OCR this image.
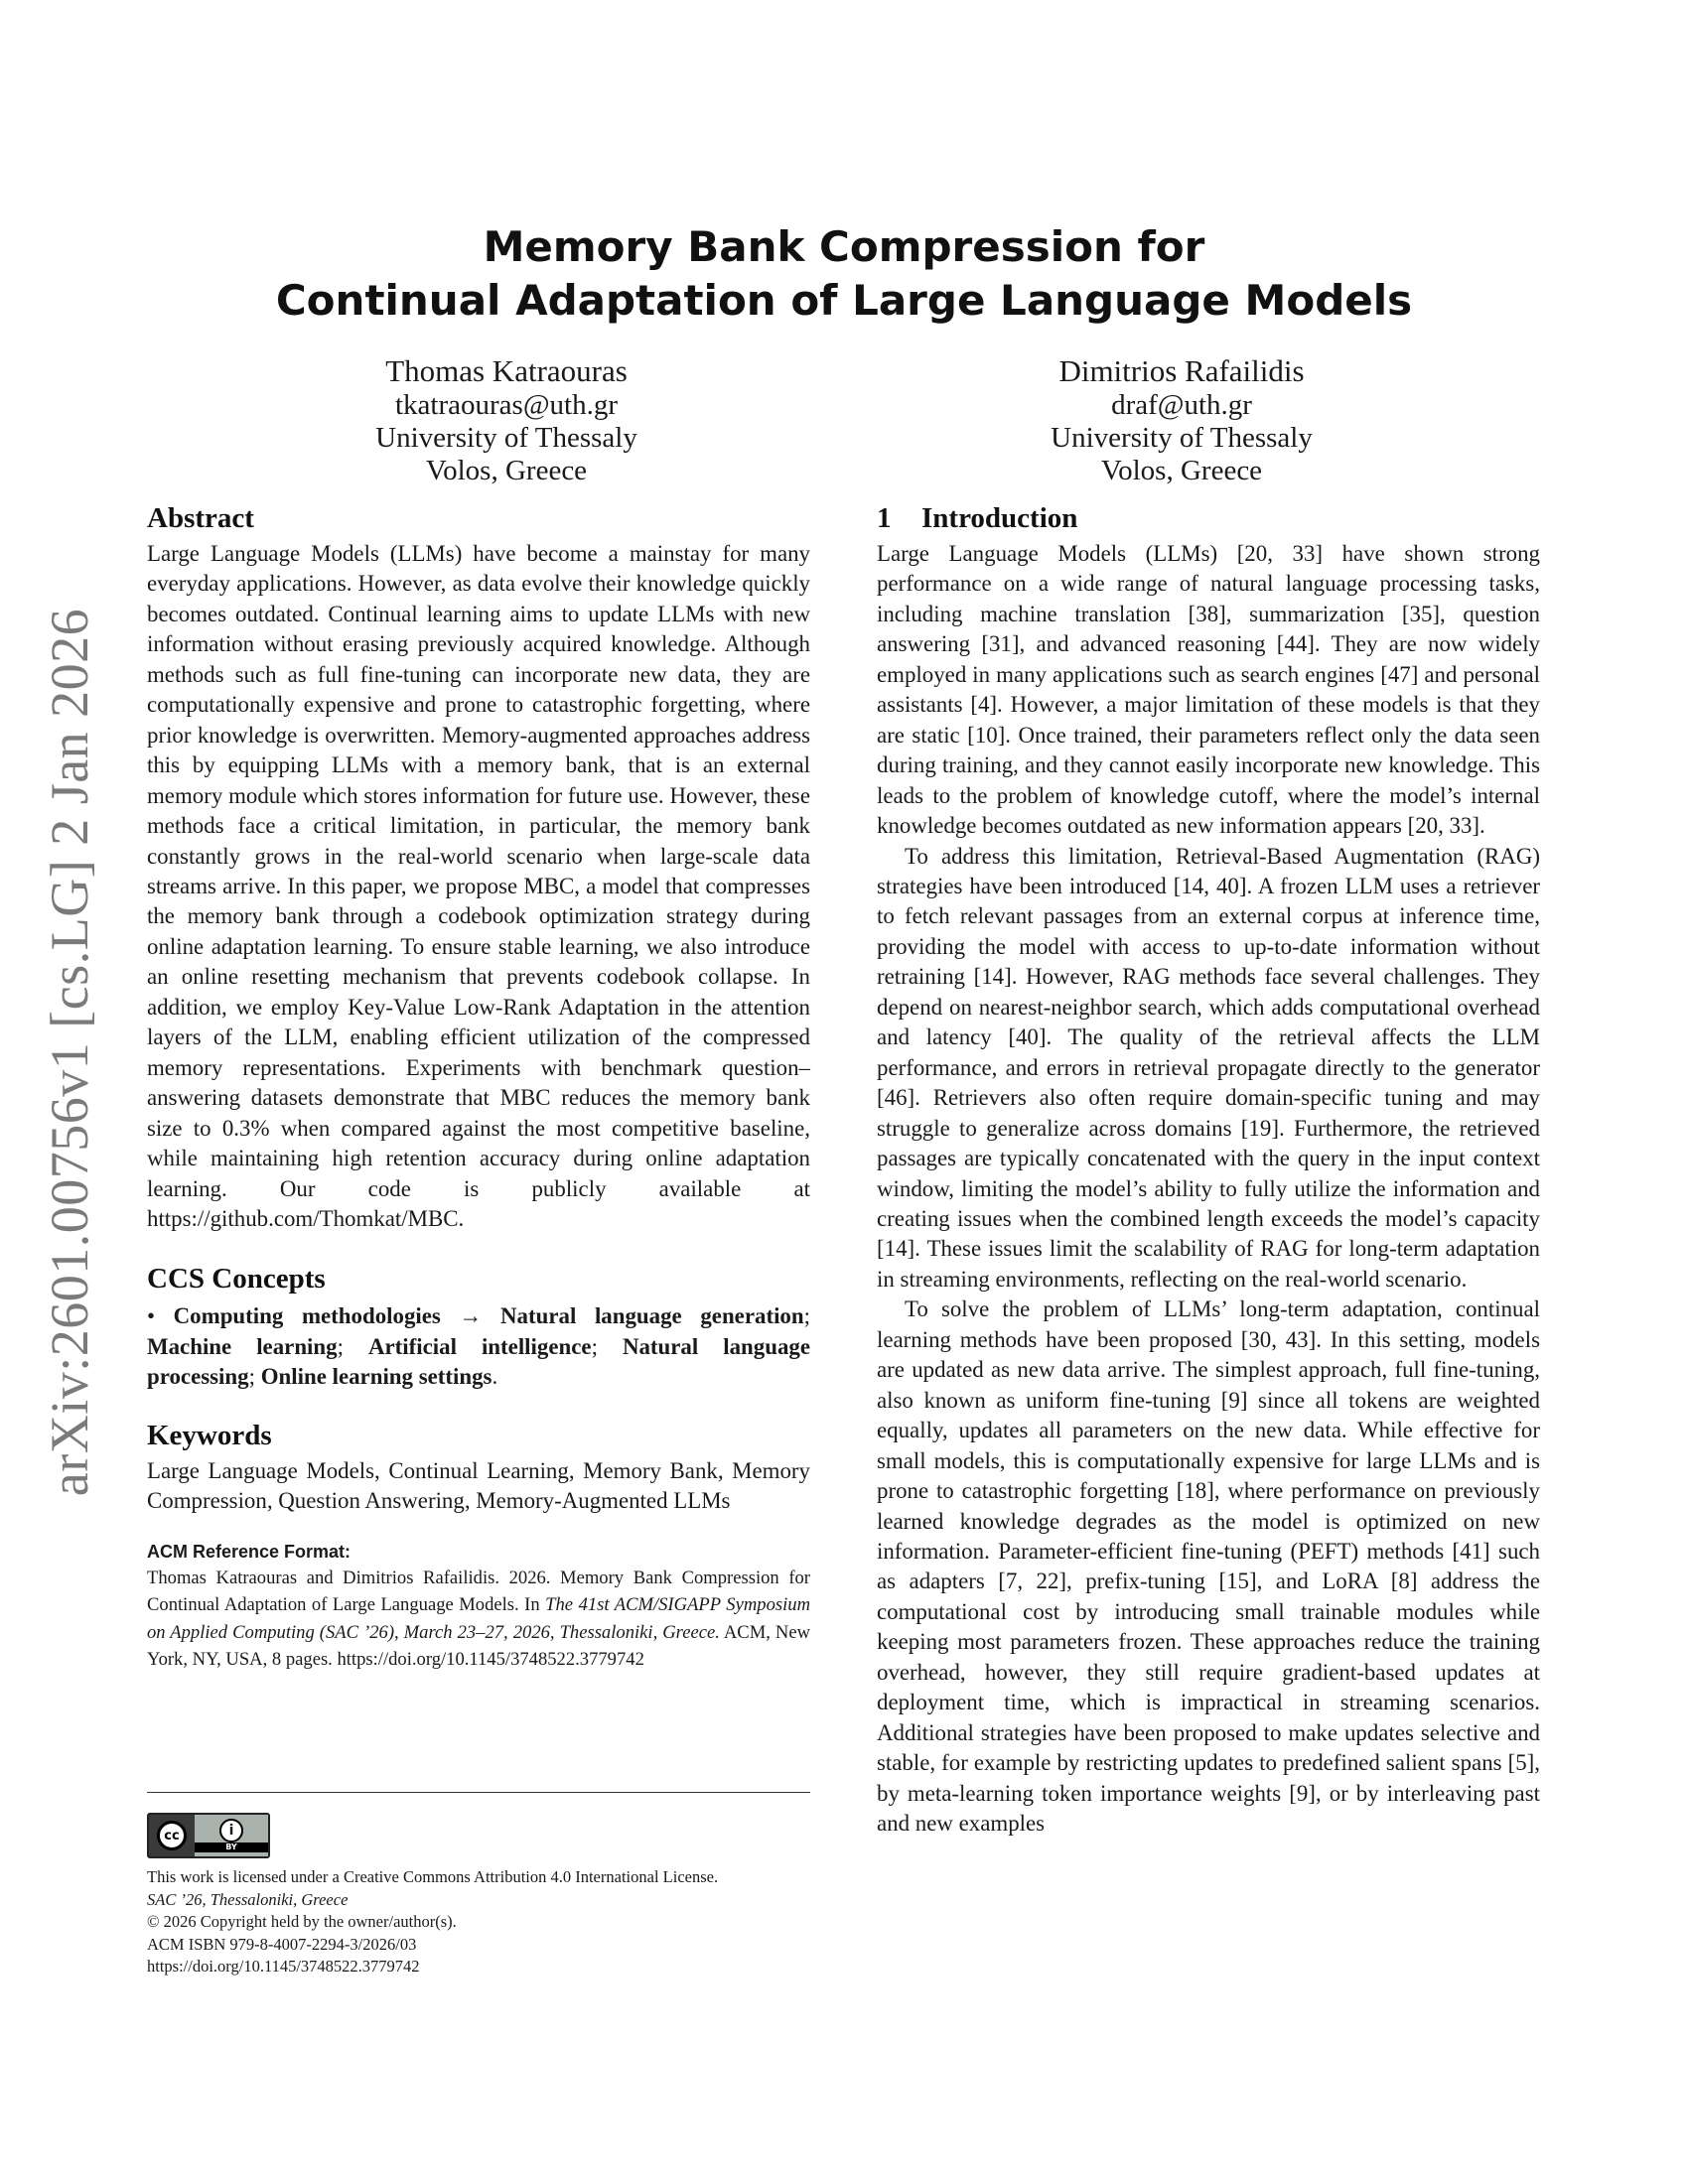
arXiv:2601.00756v1 [cs.LG] 2 Jan 2026
Memory Bank Compression for
Continual Adaptation of Large Language Models
Thomas Katraouras
tkatraouras@uth.gr
University of Thessaly
Volos, Greece
Dimitrios Rafailidis
draf@uth.gr
University of Thessaly
Volos, Greece
Abstract

Large Language Models (LLMs) have become a mainstay for many everyday applications. However, as data evolve their knowledge quickly becomes outdated. Continual learning aims to update LLMs with new information without erasing previously acquired knowledge. Although methods such as full fine-tuning can incorporate new data, they are computationally expensive and prone to catastrophic forgetting, where prior knowledge is overwritten. Memory-augmented approaches address this by equipping LLMs with a memory bank, that is an external memory module which stores information for future use. However, these methods face a critical limitation, in particular, the memory bank constantly grows in the real-world scenario when large-scale data streams arrive. In this paper, we propose MBC, a model that compresses the memory bank through a codebook optimization strategy during online adaptation learning. To ensure stable learning, we also introduce an online resetting mechanism that prevents codebook collapse. In addition, we employ Key-Value Low-Rank Adaptation in the attention layers of the LLM, enabling efficient utilization of the compressed memory representations. Experiments with benchmark question–answering datasets demonstrate that MBC reduces the memory bank size to 0.3% when compared against the most competitive baseline, while maintaining high retention accuracy during online adaptation learning. Our code is publicly available at https://github.com/Thomkat/MBC.

CCS Concepts

• Computing methodologies → Natural language generation; Machine learning; Artificial intelligence; Natural language processing; Online learning settings.

Keywords

Large Language Models, Continual Learning, Memory Bank, Memory Compression, Question Answering, Memory-Augmented LLMs

ACM Reference Format:

Thomas Katraouras and Dimitrios Rafailidis. 2026. Memory Bank Compression for Continual Adaptation of Large Language Models. In The 41st ACM/SIGAPP Symposium on Applied Computing (SAC ’26), March 23–27, 2026, Thessaloniki, Greece. ACM, New York, NY, USA, 8 pages. https://doi.org/10.1145/3748522.3779742

cc	i
BY
This work is licensed under a Creative Commons Attribution 4.0 International License.
SAC ’26, Thessaloniki, Greece
© 2026 Copyright held by the owner/author(s).
ACM ISBN 979-8-4007-2294-3/2026/03
https://doi.org/10.1145/3748522.3779742
1 Introduction

Large Language Models (LLMs) [20, 33] have shown strong performance on a wide range of natural language processing tasks, including machine translation [38], summarization [35], question answering [31], and advanced reasoning [44]. They are now widely employed in many applications such as search engines [47] and personal assistants [4]. However, a major limitation of these models is that they are static [10]. Once trained, their parameters reflect only the data seen during training, and they cannot easily incorporate new knowledge. This leads to the problem of knowledge cutoff, where the model’s internal knowledge becomes outdated as new information appears [20, 33].

To address this limitation, Retrieval-Based Augmentation (RAG) strategies have been introduced [14, 40]. A frozen LLM uses a retriever to fetch relevant passages from an external corpus at inference time, providing the model with access to up-to-date information without retraining [14]. However, RAG methods face several challenges. They depend on nearest-neighbor search, which adds computational overhead and latency [40]. The quality of the retrieval affects the LLM performance, and errors in retrieval propagate directly to the generator [46]. Retrievers also often require domain-specific tuning and may struggle to generalize across domains [19]. Furthermore, the retrieved passages are typically concatenated with the query in the input context window, limiting the model’s ability to fully utilize the information and creating issues when the combined length exceeds the model’s capacity [14]. These issues limit the scalability of RAG for long-term adaptation in streaming environments, reflecting on the real-world scenario.

To solve the problem of LLMs’ long-term adaptation, continual learning methods have been proposed [30, 43]. In this setting, models are updated as new data arrive. The simplest approach, full fine-tuning, also known as uniform fine-tuning [9] since all tokens are weighted equally, updates all parameters on the new data. While effective for small models, this is computationally expensive for large LLMs and is prone to catastrophic forgetting [18], where performance on previously learned knowledge degrades as the model is optimized on new information. Parameter-efficient fine-tuning (PEFT) methods [41] such as adapters [7, 22], prefix-tuning [15], and LoRA [8] address the computational cost by introducing small trainable modules while keeping most parameters frozen. These approaches reduce the training overhead, however, they still require gradient-based updates at deployment time, which is impractical in streaming scenarios. Additional strategies have been proposed to make updates selective and stable, for example by restricting updates to predefined salient spans [5], by meta-learning token importance weights [9], or by interleaving past and new examples
